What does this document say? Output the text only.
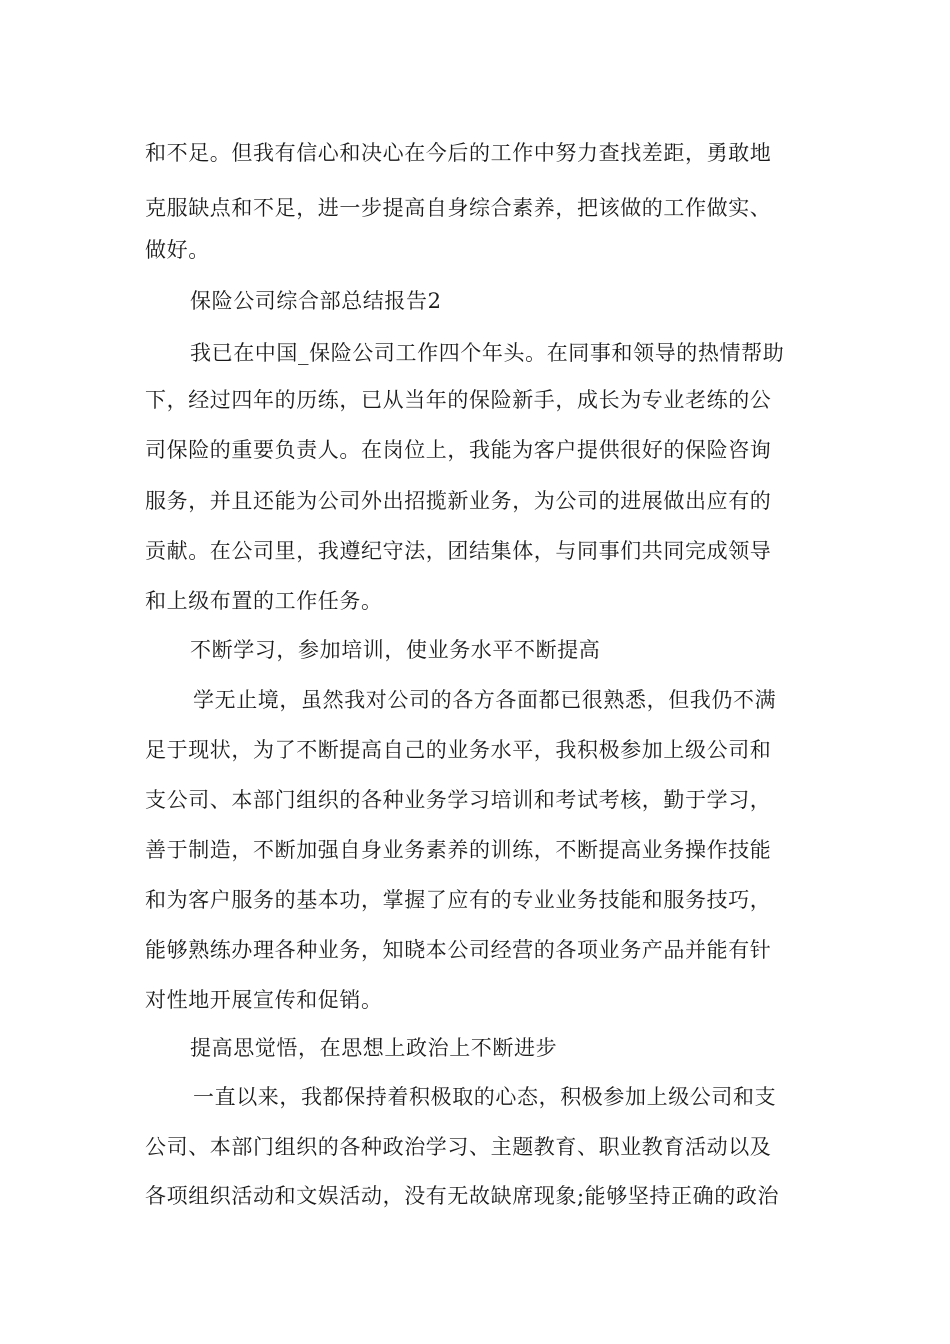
和不足。但我有信心和决心在今后的工作中努力查找差距，勇敢地

克服缺点和不足，进一步提高自身综合素养，把该做的工作做实、

做好。

保险公司综合部总结报告2

我已在中国_保险公司工作四个年头。在同事和领导的热情帮助

下，经过四年的历练，已从当年的保险新手，成长为专业老练的公

司保险的重要负责人。在岗位上，我能为客户提供很好的保险咨询

服务，并且还能为公司外出招揽新业务，为公司的进展做出应有的

贡献。在公司里，我遵纪守法，团结集体，与同事们共同完成领导

和上级布置的工作任务。

不断学习，参加培训，使业务水平不断提高

学无止境，虽然我对公司的各方各面都已很熟悉，但我仍不满

足于现状，为了不断提高自己的业务水平，我积极参加上级公司和

支公司、本部门组织的各种业务学习培训和考试考核，勤于学习，

善于制造，不断加强自身业务素养的训练，不断提高业务操作技能

和为客户服务的基本功，掌握了应有的专业业务技能和服务技巧，

能够熟练办理各种业务，知晓本公司经营的各项业务产品并能有针

对性地开展宣传和促销。

提高思觉悟，在思想上政治上不断进步

一直以来，我都保持着积极取的心态，积极参加上级公司和支

公司、本部门组织的各种政治学习、主题教育、职业教育活动以及

各项组织活动和文娱活动，没有无故缺席现象;能够坚持正确的政治
